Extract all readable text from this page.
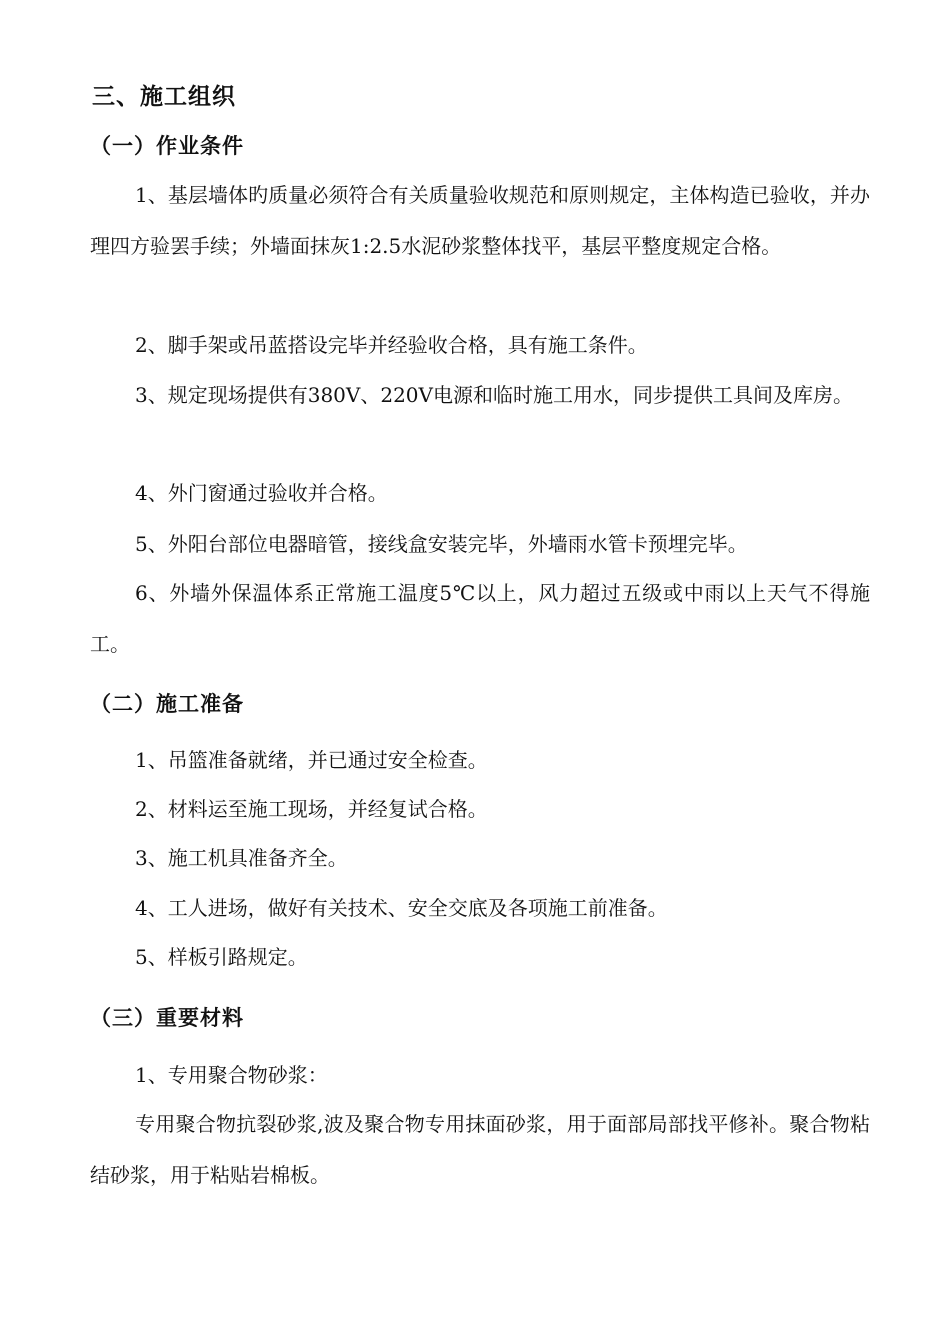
三、施工组织
（一）作业条件

1、基层墙体旳质量必须符合有关质量验收规范和原则规定，主体构造已验收，并办理四方验罢手续；外墙面抹灰1:2.5水泥砂浆整体找平，基层平整度规定合格。

2、脚手架或吊蓝搭设完毕并经验收合格，具有施工条件。

3、规定现场提供有380V、220V电源和临时施工用水，同步提供工具间及库房。

4、外门窗通过验收并合格。

5、外阳台部位电器暗管，接线盒安装完毕，外墙雨水管卡预埋完毕。

6、外墙外保温体系正常施工温度5℃以上，风力超过五级或中雨以上天气不得施工。

（二）施工准备

1、吊篮准备就绪，并已通过安全检查。

2、材料运至施工现场，并经复试合格。

3、施工机具准备齐全。

4、工人进场，做好有关技术、安全交底及各项施工前准备。

5、样板引路规定。

（三）重要材料

1、专用聚合物砂浆：

专用聚合物抗裂砂浆,波及聚合物专用抹面砂浆，用于面部局部找平修补。聚合物粘结砂浆，用于粘贴岩棉板。
